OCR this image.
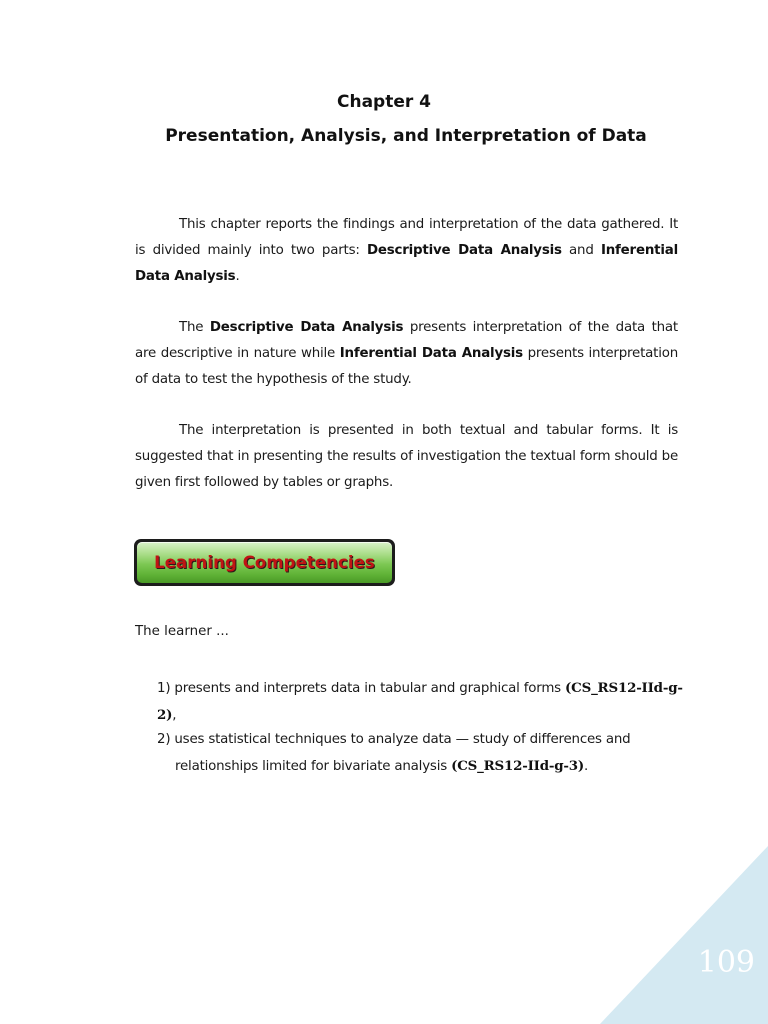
Chapter 4
Presentation, Analysis, and Interpretation of Data
This chapter reports the findings and interpretation of the data gathered. It is divided mainly into two parts: Descriptive Data Analysis and Inferential Data Analysis.
The Descriptive Data Analysis presents interpretation of the data that are descriptive in nature while Inferential Data Analysis presents interpretation of data to test the hypothesis of the study.
The interpretation is presented in both textual and tabular forms. It is suggested that in presenting the results of investigation the textual form should be given first followed by tables or graphs.
Learning Competencies
The learner ...
1) presents and interprets data in tabular and graphical forms (CS_RS12-IId-g-2),
2) uses statistical techniques to analyze data — study of differences and
relationships limited for bivariate analysis (CS_RS12-IId-g-3).
109
